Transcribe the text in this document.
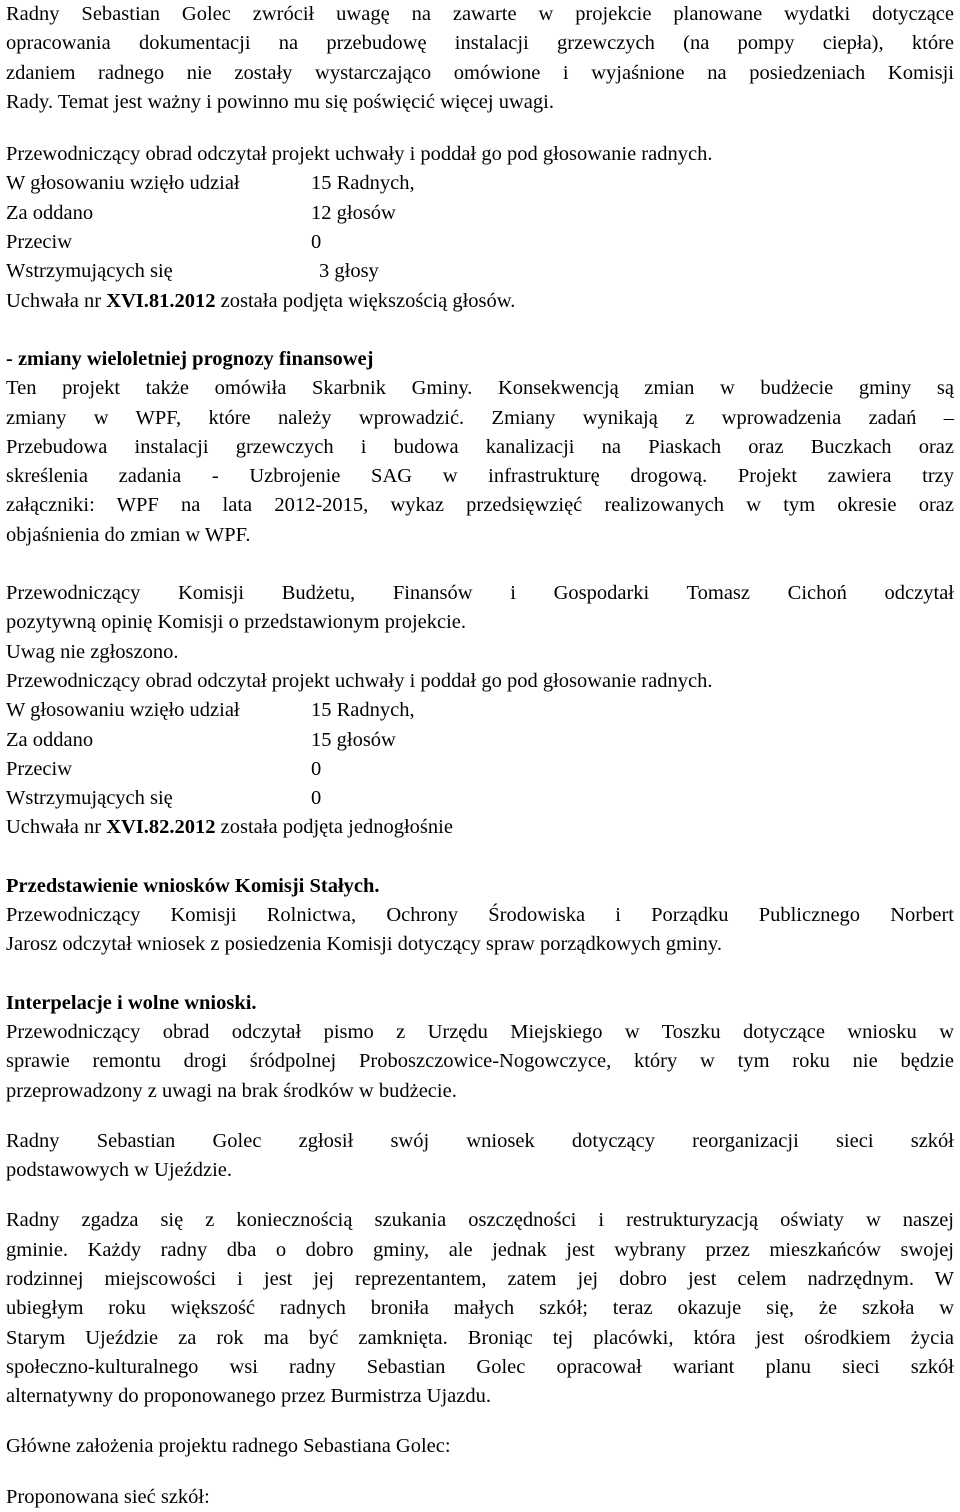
Radny Sebastian Golec zwrócił uwagę na zawarte w projekcie planowane wydatki dotyczące

opracowania dokumentacji na przebudowę instalacji grzewczych (na pompy ciepła), które

zdaniem radnego nie zostały wystarczająco omówione i wyjaśnione na posiedzeniach Komisji

Rady. Temat jest ważny i powinno mu się poświęcić więcej uwagi.

Przewodniczący obrad odczytał projekt uchwały i poddał go pod głosowanie radnych.

W głosowaniu wzięło udział	15 Radnych,

Za oddano	12 głosów

Przeciw	0

Wstrzymujących się	3 głosy

Uchwała nr XVI.81.2012 została podjęta większością głosów.

- zmiany wieloletniej prognozy finansowej

Ten projekt także omówiła Skarbnik Gminy. Konsekwencją zmian w budżecie gminy są

zmiany w WPF, które należy wprowadzić. Zmiany wynikają z wprowadzenia zadań –

Przebudowa instalacji grzewczych i budowa kanalizacji na Piaskach oraz Buczkach oraz

skreślenia zadania - Uzbrojenie SAG w infrastrukturę drogową. Projekt zawiera trzy

załączniki: WPF na lata 2012-2015, wykaz przedsięwzięć realizowanych w tym okresie oraz

objaśnienia do zmian w WPF.

Przewodniczący Komisji Budżetu, Finansów i Gospodarki Tomasz Cichoń odczytał

pozytywną opinię Komisji o przedstawionym projekcie.

Uwag nie zgłoszono.

Przewodniczący obrad odczytał projekt uchwały i poddał go pod głosowanie radnych.

W głosowaniu wzięło udział	15 Radnych,

Za oddano	15 głosów

Przeciw	0

Wstrzymujących się	0

Uchwała nr XVI.82.2012 została podjęta jednogłośnie

Przedstawienie wniosków Komisji Stałych.

Przewodniczący Komisji Rolnictwa, Ochrony Środowiska i Porządku Publicznego Norbert

Jarosz odczytał wniosek z posiedzenia Komisji dotyczący spraw porządkowych gminy.

Interpelacje i wolne wnioski.

Przewodniczący obrad odczytał pismo z Urzędu Miejskiego w Toszku dotyczące wniosku w

sprawie remontu drogi śródpolnej Proboszczowice-Nogowczyce, który w tym roku nie będzie

przeprowadzony z uwagi na brak środków w budżecie.

Radny Sebastian Golec zgłosił swój wniosek dotyczący reorganizacji sieci szkół

podstawowych w Ujeździe.

Radny zgadza się z koniecznością szukania oszczędności i restrukturyzacją oświaty w naszej

gminie. Każdy radny dba o dobro gminy, ale jednak jest wybrany przez mieszkańców swojej

rodzinnej miejscowości i jest jej reprezentantem, zatem jej dobro jest celem nadrzędnym. W

ubiegłym roku większość radnych broniła małych szkół; teraz okazuje się, że szkoła w

Starym Ujeździe za rok ma być zamknięta. Broniąc tej placówki, która jest ośrodkiem życia

społeczno-kulturalnego wsi radny Sebastian Golec opracował wariant planu sieci szkół

alternatywny do proponowanego przez Burmistrza Ujazdu.

Główne założenia projektu radnego Sebastiana Golec:

Proponowana sieć szkół:
